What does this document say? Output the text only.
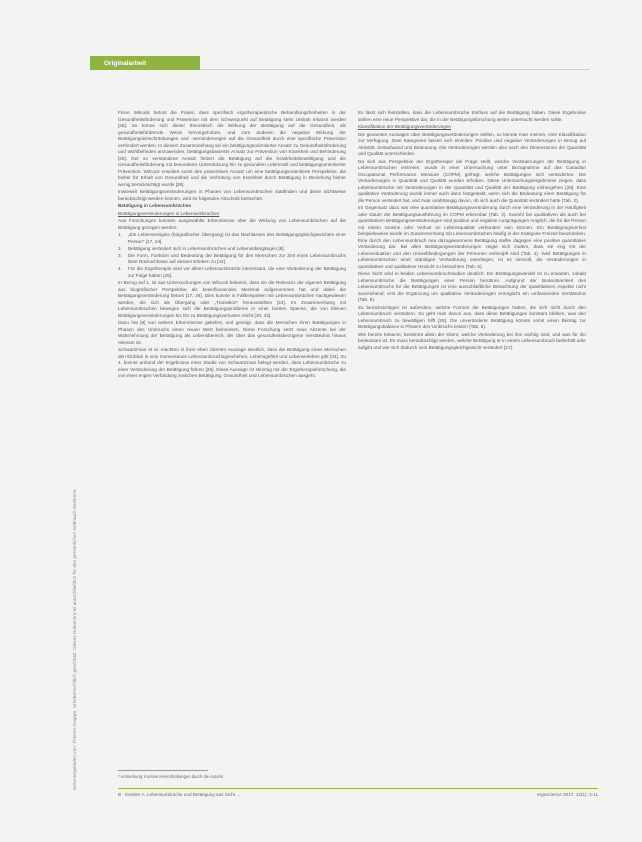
Heruntergeladen von: Thieme Gruppe. Urheberrechtlich geschützt. Dieses Dokument ist ausschließlich für den persönlichen Gebrauch bestimmt.
Originalarbeit

Finne Wilcock betont die Praxis, dass spezifisch ergotherapeutische Behandlungsfreiheiten in der Gesundheitsförderung und Prävention mit dem Schwerpunkt auf Betätigung stets zeitnah erkannt werden [26]. So könne sich dieser theoretisch die Wirkung der Betätigung auf die Gesundheit, als gesundheitsfördernde Weise hervorgehoben, und zum anderen die negative Wirkung der Betätigungseinschränkungen und -verminderungen auf die Gesundheit durch eine spezifische Prävention verhindert werden. In diesem Zusammenhang sei ein betätigungsorientierter Ansatz zu Gesundheitsförderung und Wohlbefinden anzuwenden, betätigungsbasierter Ansatz zur Prävention von Krankheit und Behinderung [26]. Der so verstandene Ansatz fördert die Betätigung auf die Krankheitsbewältigung und die Gesundheitsförderung mit besonderer Unterstützung hin zu gesundem Lebensstil und betätigungsorientierter Prävention. Wilcock erweitert somit den präventiven Ansatz um eine betätigungsorientierte Perspektive, die bisher für Erhalt von Gesundheit und die Verhütung von Krankheit durch Betätigung in Beziehung bisher wenig berücksichtigt wurde [26].

Inwieweit Betätigungsveränderungen in Phasen von Lebensumbrüchen stattfinden und diese Sichtweise berücksichtigt werden können, wird im folgenden Abschnitt betrachtet.

Betätigung in Lebensumbrüchen

Betätigungsveränderungen in Lebensumbrüchen

Aus Forschungen konnten ausgewählte Erkenntnisse über die Wirkung von Lebensumbrüchen auf die Betätigung gezogen werden:

1.	„Ein Lebensereignis (biografischer Übergang) ist das Nachlassen des Betätigungsgleichgewichtes einer Person“ [17, 24].
2.	Betätigung verändert sich in Lebensumbrüchen und Lebensübergängen [8].
3.	Die Form, Funktion und Bedeutung der Betätigung für den Menschen zur Zeit eines Lebensumbruchs lässt Rückschlüsse auf dessen Erleben zu [34].
4.	Für die Ergotherapie sind vor allem Lebensumbrüche interessant, die eine Veränderung der Betätigung zur Folge haben [25].

In Bezug auf 1. ist aus Untersuchungen von Wilcock bekannt, dass sie die Relevanz der eigenen Betätigung aus biografischer Perspektive als beeinflussendes Merkmal aufgenommen hat und dabei die Betätigungsveränderung betont [17, 26]. Dies konnte in Fallbeispielen mit Lebensumbrüchen nachgewiesen werden, die sich als Übergang oder „Transition“ herausstellten [24]. Im Zusammenhang mit Lebensumbrüchen bewegen sich die Betätigungsprobleme in einer breiten Spanne, die von kleinen Betätigungsveränderungen bis hin zu Betätigungsverlusten reicht [30, 33].

Dazu hat [8] nun weitere Erkenntnisse geliefert, und gezeigt, dass die Menschen ihren Betätigungen in Phasen des Umbruchs einen neuen Wert beimessen. Diese Forschung setzt neue Akzente bei der Wahrnehmung der Betätigung als Lebensbereich, der über das gesundheitsbezogene Verständnis hinaus relevant ist.

Schwartzman et al. machten in ihrer eben zitierten Aussage deutlich, dass die Betätigung eines Menschen den Einblick in sein momentanes Lebensumbruchsgeschehen, Lebensgefühl und Lebenserleben gibt [34]. Zu 4. konnte anhand der Ergebnisse einer Studie von Schwartzman belegt werden, dass Lebensumbrüche zu einer Veränderung der Betätigung führen [25]. Diese Aussage ist stimmig mit der Ergotherapieforschung, die von einer engen Verbindung zwischen Betätigung, Gesundheit und Lebensumbrüchen ausgeht.

Es lässt sich feststellen, dass die Lebensumbrüche Einfluss auf die Betätigung haben. Diese Ergebnisse stellen eine neue Perspektive dar, die in der Betätigungsforschung weiter untersucht werden sollte.

Klassifikation der Betätigungsveränderungen

Die gesamten Aussagen über Betätigungsveränderungen stellen, so könnte man meinen, eine Klassifikation zur Verfügung. Zwei Kategorien lassen sich einteilen: Positive und negative Veränderungen in Bezug auf Aktivität, Zeitaufwand und Bedeutung. Die Veränderungen werden also nach den Dimensionen der Quantität und Qualität unterschieden.

Da sich aus Perspektive der Ergotherapie die Frage stellt, welche Veränderungen der Betätigung in Lebensumbrüchen eintreten, wurde in einer Untersuchung unter Bezugnahme auf das Canadian Occupational Performance Measure (COPM) gefragt, welche Betätigungen sich veränderten. Die Veränderungen in Quantität und Qualität wurden erhoben. Diese Untersuchungsergebnisse zeigen, dass Lebensumbrüche mit Veränderungen in der Quantität und Qualität der Betätigung einhergehen [28]. Eine qualitative Veränderung wurde immer auch dann festgestellt, wenn sich die Bedeutung einer Betätigung für die Person verändert hat, und zwar unabhängig davon, ob sich auch die Quantität verändert hatte (Tab. 2).

Im Gegensatz dazu war eine quantitative Betätigungsveränderung durch eine Veränderung in der Häufigkeit oder Dauer der Betätigungsausführung im COPM erkennbar (Tab. 3). Sowohl bei qualitativen als auch bei quantitativen Betätigungsveränderungen sind positive und negative Ausprägungen möglich, die für die Person mit einem Gewinn oder Verlust an Lebensqualität verbunden sein können. Ein Betätigungsverlust beispielsweise wurde im Zusammenhang mit Lebensumbrüchen häufig in der Kategorie Freizeit beschrieben. Eine durch den Lebensumbruch neu dazugewonnene Betätigung stellte dagegen eine positive quantitative Veränderung dar. Bei allen Betätigungsveränderungen zeigte sich zudem, dass sie eng mit der Lebenssituation und den Umweltbedingungen der Personen verknüpft sind (Tab. 4). Weil Betätigungen in Lebensumbrüchen einer ständigen Veränderung unterliegen, ist es sinnvoll, die Veränderungen in quantitativer und qualitativer Hinsicht zu betrachten (Tab. 5).

Diese Sicht wird in beiden Lebensumbruchstudien deutlich: Ein Betätigungswandel ist zu erwarten, sobald Lebensumbrüche die Betätigungen einer Person berühren. Aufgrund der Bedeutsamkeit des Lebensumbruchs für die Betätigungen ist eine ausschließliche Betrachtung der quantitativen Aspekte nicht ausreichend; erst die Ergänzung um qualitative Veränderungen ermöglicht ein umfassendes Verständnis (Tab. 5).

Zu berücksichtigen ist außerdem, welche Formen die Betätigungen haben, die sich nicht durch den Lebensumbruch verändern. So geht man davon aus, dass diese Betätigungen konstant bleiben, was den Lebensumbruch zu bewältigen hilft [28]. Die unveränderte Betätigung könnte somit einen Beitrag zur Betätigungsbalance in Phasen des Umbruchs leisten (Tab. 5).

Wie bereits bekannt, bestimmt allein der Klient, welche Veränderung bei ihm wichtig sind, und was für ihn bedeutsam ist. Es muss berücksichtigt werden, welche Betätigung er in einem Lebensumbruch beibehält oder aufgibt und wie sich dadurch sein Betätigungsgleichgewicht verändert [27].

* Anmerkung: Kursive Hervorhebungen durch die Autorin
B · Kessler A. Lebensumbrüche und Betätigung aus Sicht ...	ergoscience 2017; 12(1): 2-11
